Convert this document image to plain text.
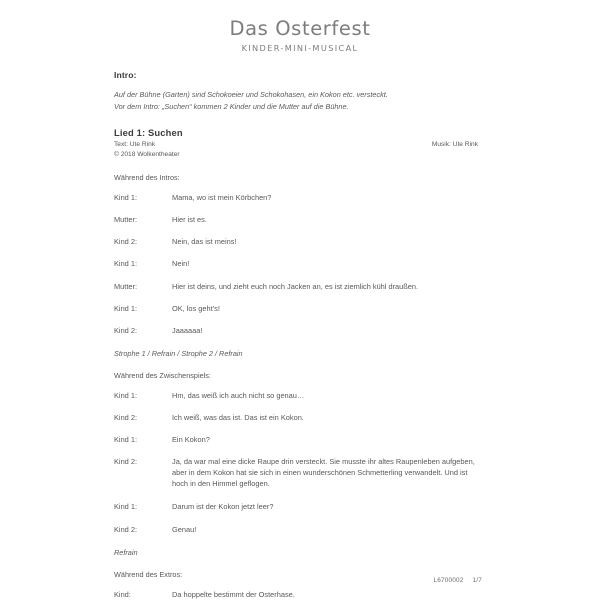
Das Osterfest
KINDER-MINI-MUSICAL
Intro:
Auf der Bühne (Garten) sind Schokoeier und Schokohasen, ein Kokon etc. versteckt.
Vor dem Intro: „Suchen“ kommen 2 Kinder und die Mutter auf die Bühne.
Lied 1: Suchen
Text: Ute Rink
© 2018 Wolkentheater
Musik: Ute Rink
Während des Intros:
Kind 1:	Mama, wo ist mein Körbchen?
Mutter:	Hier ist es.
Kind 2:	Nein, das ist meins!
Kind 1:	Nein!
Mutter:	Hier ist deins, und zieht euch noch Jacken an, es ist ziemlich kühl draußen.
Kind 1:	OK, los geht’s!
Kind 2:	Jaaaaaa!
Strophe 1 / Refrain / Strophe 2 / Refrain
Während des Zwischenspiels:
Kind 1:	Hm, das weiß ich auch nicht so genau…
Kind 2:	Ich weiß, was das ist. Das ist ein Kokon.
Kind 1:	Ein Kokon?
Kind 2:	Ja, da war mal eine dicke Raupe drin versteckt. Sie musste ihr altes Raupenleben aufgeben, aber in dem Kokon hat sie sich in einen wunderschönen Schmetterling verwandelt. Und ist hoch in den Himmel geflogen.
Kind 1:	Darum ist der Kokon jetzt leer?
Kind 2:	Genau!
Refrain
Während des Extros:
Kind:	Da hoppelte bestimmt der Osterhase.
L6700002 1/7
